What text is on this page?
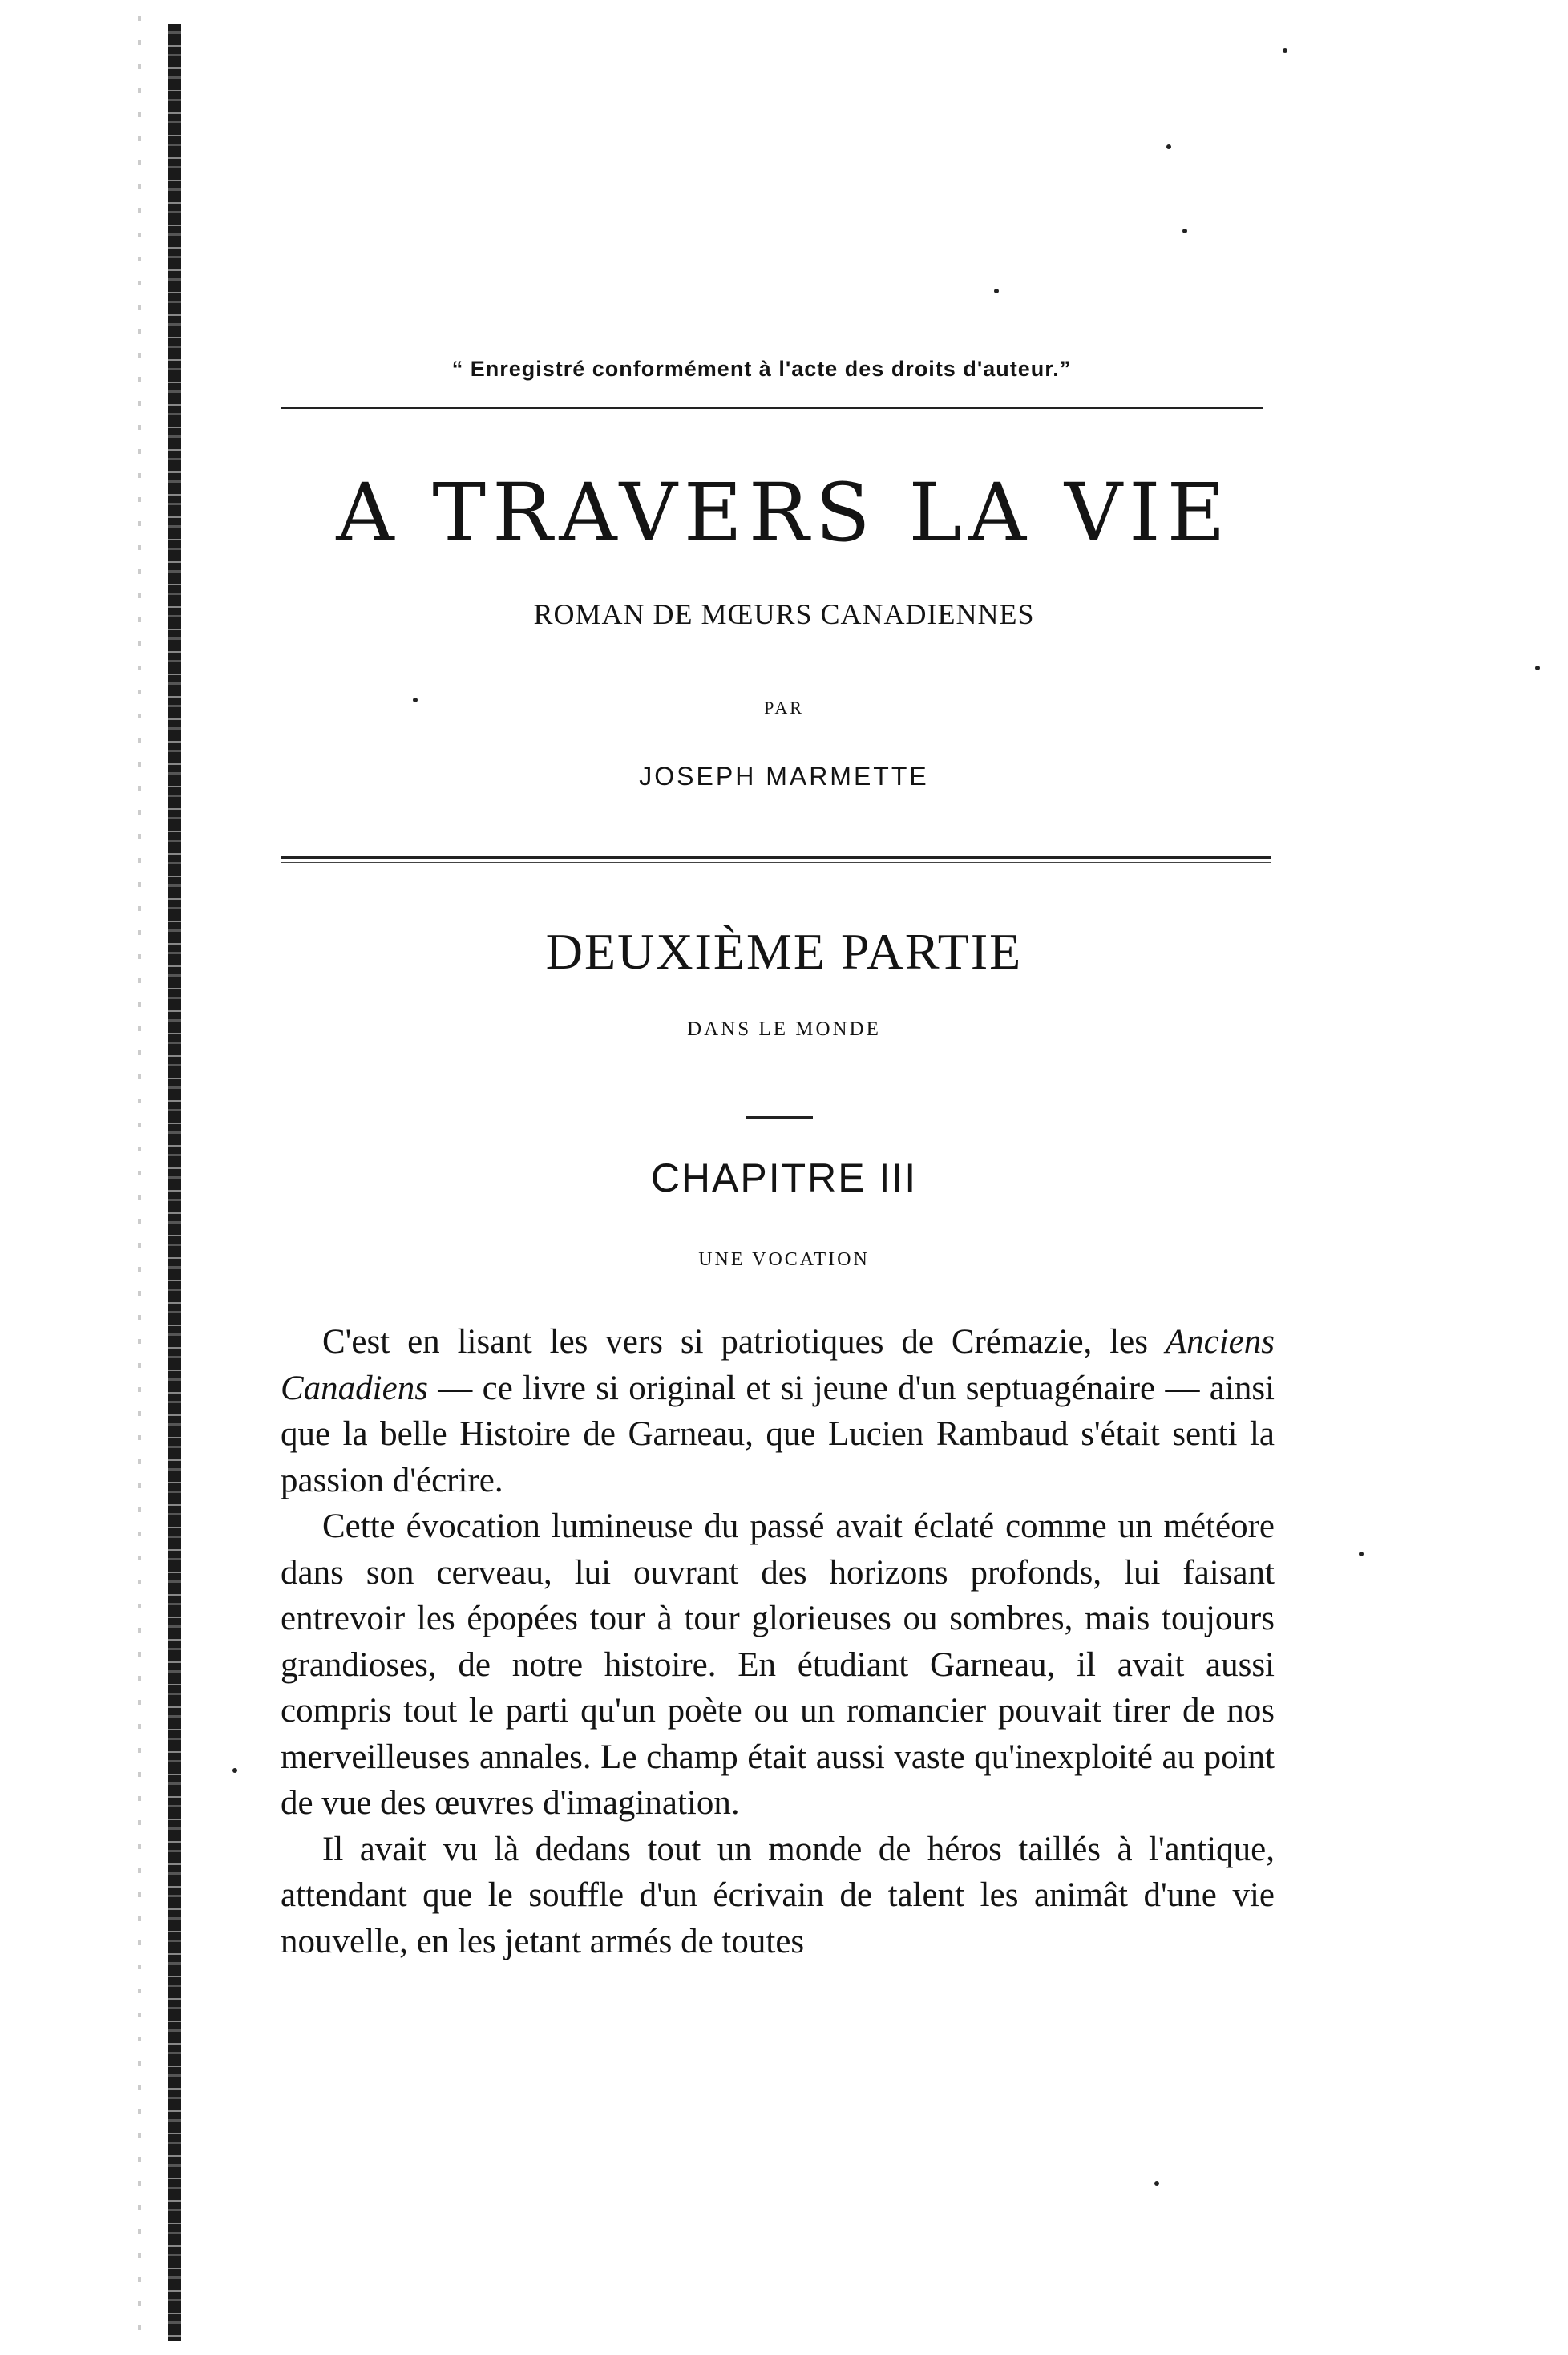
“ Enregistré conformément à l'acte des droits d'auteur.”
A TRAVERS LA VIE
ROMAN DE MŒURS CANADIENNES
PAR
JOSEPH MARMETTE
DEUXIÈME PARTIE
DANS LE MONDE
CHAPITRE III
UNE VOCATION

C'est en lisant les vers si patriotiques de Crémazie, les Anciens Canadiens — ce livre si original et si jeune d'un septuagénaire — ainsi que la belle Histoire de Garneau, que Lucien Rambaud s'était senti la passion d'écrire.

Cette évocation lumineuse du passé avait éclaté comme un météore dans son cerveau, lui ouvrant des horizons profonds, lui faisant entrevoir les épopées tour à tour glorieuses ou sombres, mais toujours grandioses, de notre histoire. En étudiant Garneau, il avait aussi compris tout le parti qu'un poète ou un romancier pouvait tirer de nos merveilleuses annales. Le champ était aussi vaste qu'inexploité au point de vue des œuvres d'imagination.

Il avait vu là dedans tout un monde de héros taillés à l'antique, attendant que le souffle d'un écrivain de talent les animât d'une vie nouvelle, en les jetant armés de toutes
